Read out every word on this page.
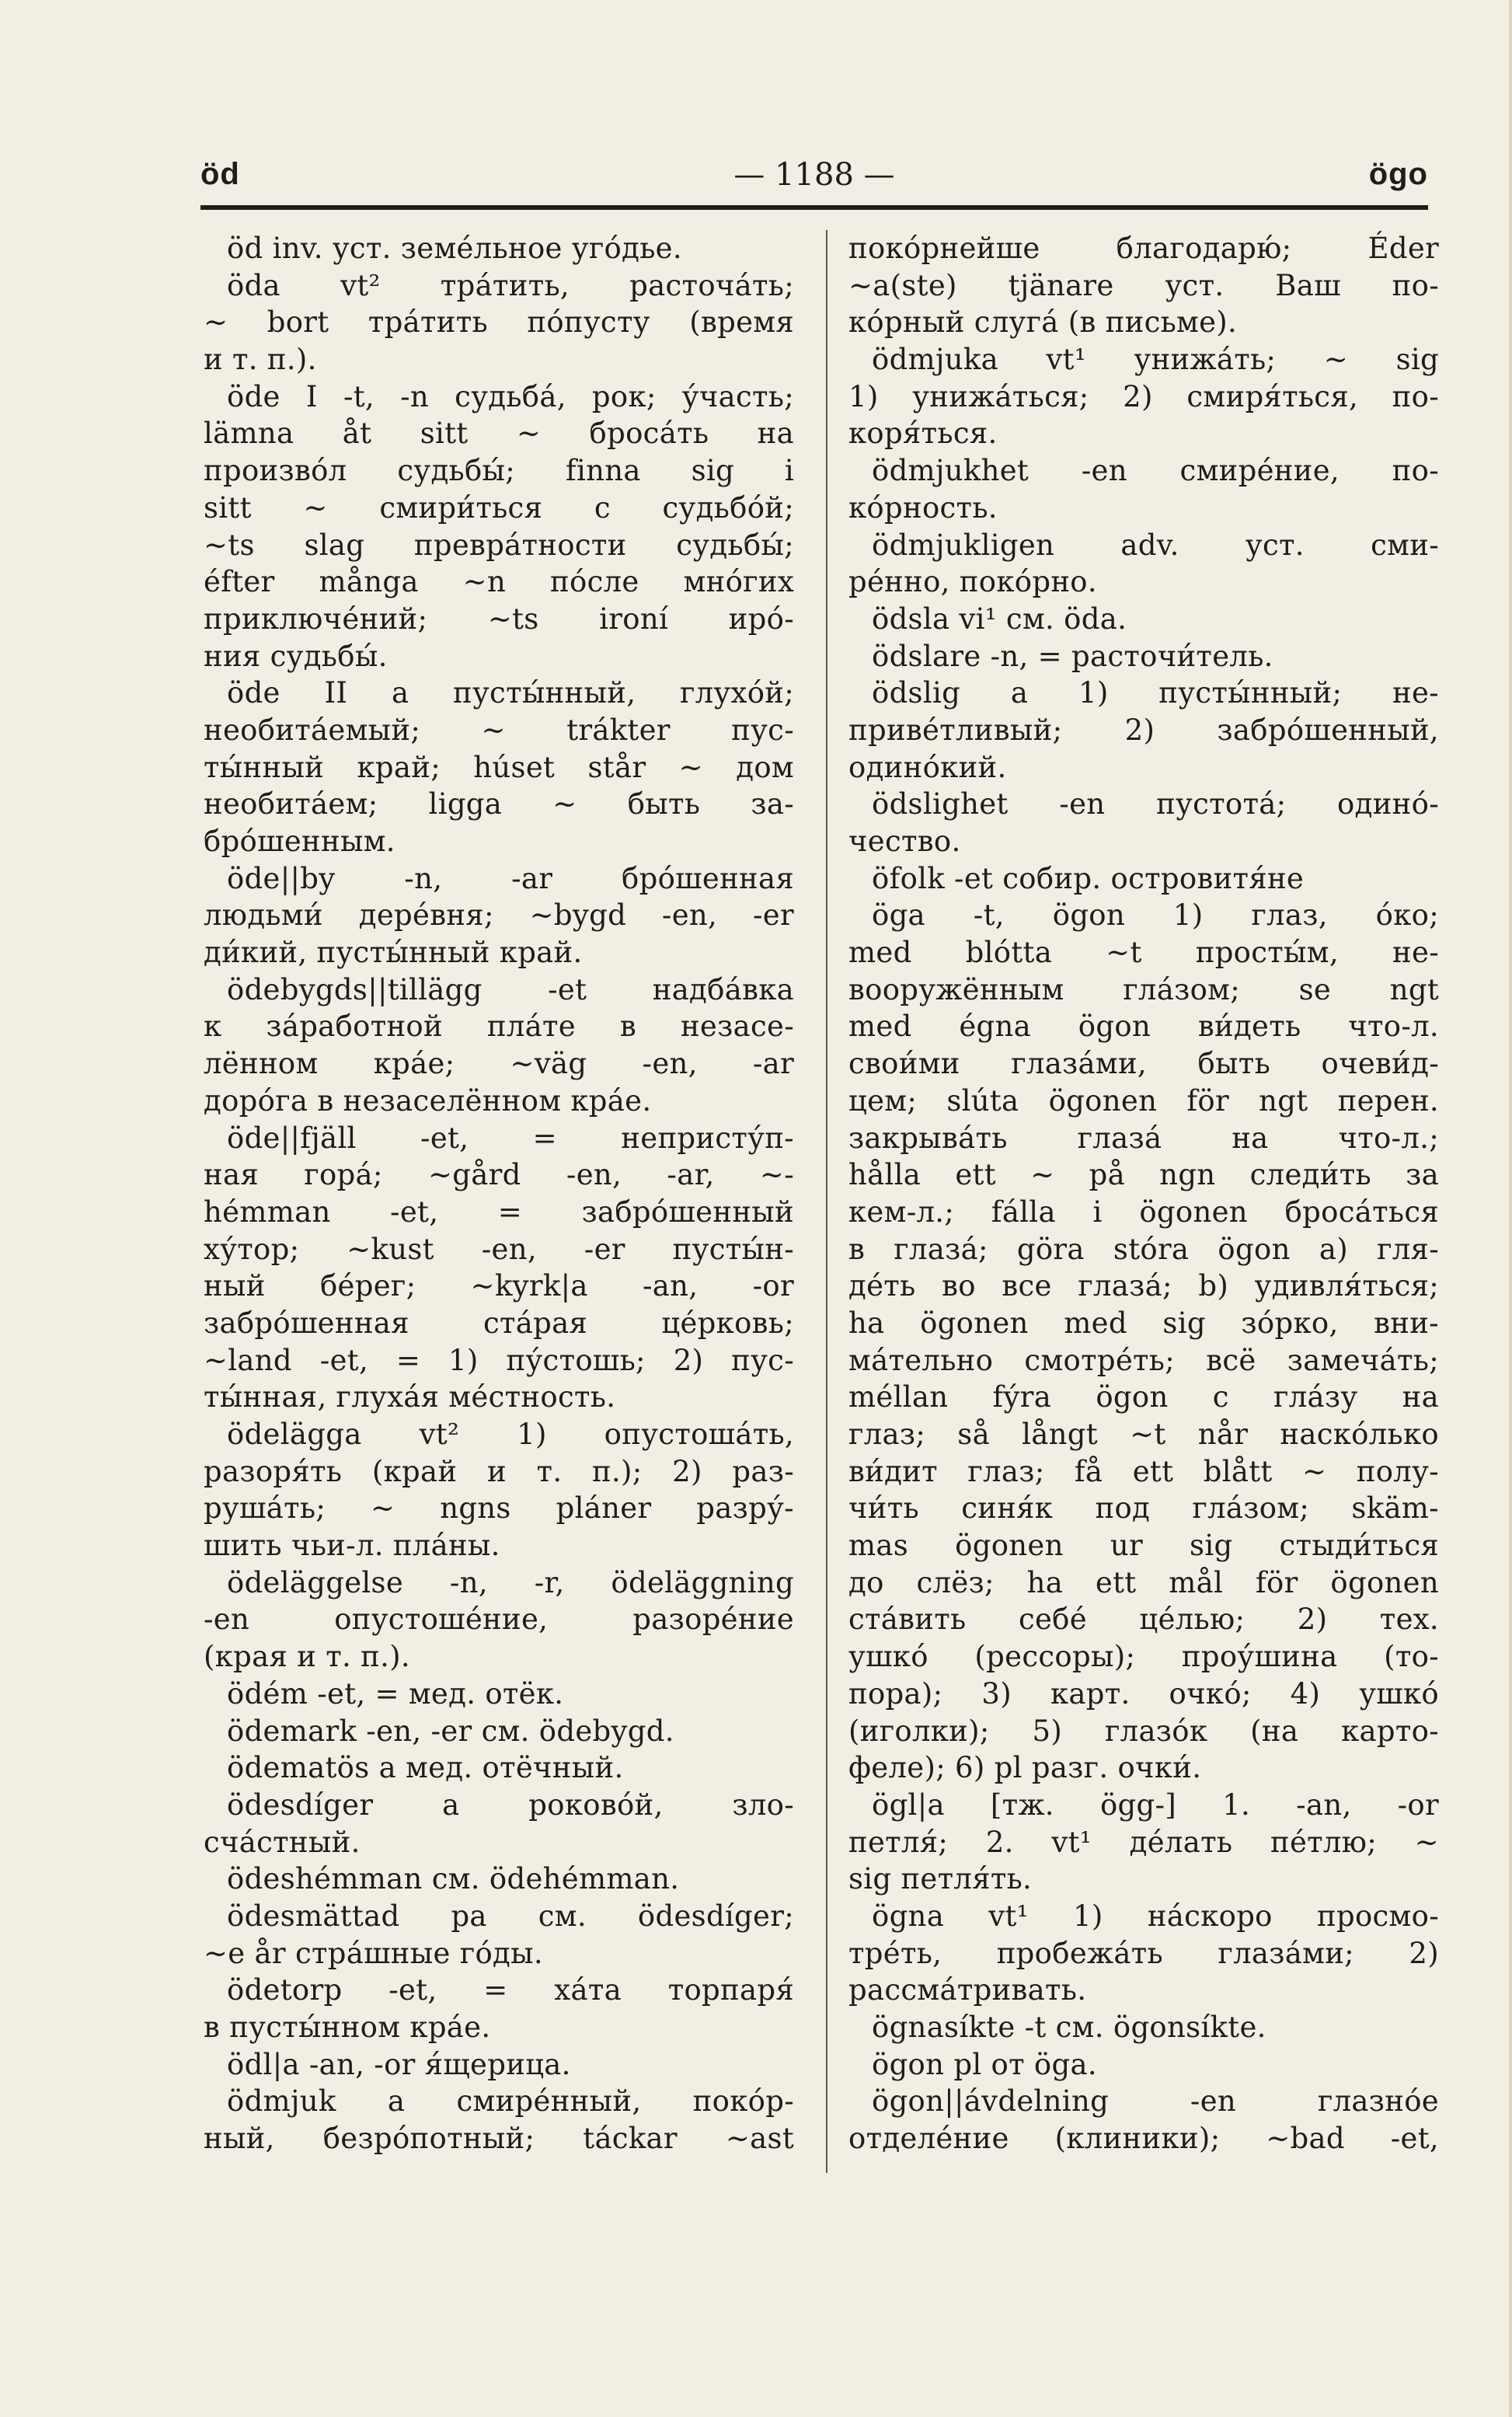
öd	— 1188 —	ögo
öd inv. уст. земе́льное уго́дье.
öda vt² тра́тить, расточа́ть;
~ bort тра́тить по́пусту (время
и т. п.).
öde I -t, -n судьба́, рок; у́часть;
lämna åt sitt ~ броса́ть на
произво́л судьбы́; finna sig i
sitt ~ смири́ться с судьбо́й;
~ts slag превра́тности судьбы́;
éfter många ~n по́сле мно́гих
приключе́ний; ~ts ironí иро́-
ния судьбы́.
öde II a пусты́нный, глухо́й;
необита́емый; ~ trákter пус-
ты́нный край; húset står ~ дом
необита́ем; ligga ~ быть за-
бро́шенным.
öde||by -n, -ar бро́шенная
людьми́ дере́вня; ~bygd -en, -er
ди́кий, пусты́нный край.
ödebygds||tillägg -et надба́вка
к за́работной пла́те в незасе-
лённом кра́е; ~väg -en, -ar
доро́га в незаселённом кра́е.
öde||fjäll -et, = непристу́п-
ная гора́; ~gård -en, -ar, ~-
hémman -et, = забро́шенный
ху́тор; ~kust -en, -er пусты́н-
ный бе́рег; ~kyrk|a -an, -or
забро́шенная ста́рая це́рковь;
~land -et, = 1) пу́стошь; 2) пус-
ты́нная, глуха́я ме́стность.
ödelägga vt² 1) опустоша́ть,
разоря́ть (край и т. п.); 2) раз-
руша́ть; ~ ngns pláner разру́-
шить чьи-л. пла́ны.
ödeläggelse -n, -r, ödeläggning
-en опустоше́ние, разоре́ние
(края и т. п.).
ödém -et, = мед. отёк.
ödemark -en, -er см. ödebygd.
ödematös a мед. отёчный.
ödesdíger a роково́й, зло-
сча́стный.
ödeshémman см. ödehémman.
ödesmättad pa см. ödesdíger;
~e år стра́шные го́ды.
ödetorp -et, = ха́та торпаря́
в пусты́нном кра́е.
ödl|a -an, -or я́щерица.
ödmjuk a смире́нный, поко́р-
ный, безро́потный; táckar ~ast
поко́рнейше благодарю́; Éder
~a(ste) tjänare уст. Ваш по-
ко́рный слуга́ (в письме).
ödmjuka vt¹ унижа́ть; ~ sig
1) унижа́ться; 2) смиря́ться, по-
коря́ться.
ödmjukhet -en смире́ние, по-
ко́рность.
ödmjukligen adv. уст. сми-
ре́нно, поко́рно.
ödsla vi¹ см. öda.
ödslare -n, = расточи́тель.
ödslig a 1) пусты́нный; не-
приве́тливый; 2) забро́шенный,
одино́кий.
ödslighet -en пустота́; одино́-
чество.
öfolk -et собир. островитя́не
öga -t, ögon 1) глаз, о́ко;
med blótta ~t просты́м, не-
вооружённым гла́зом; se ngt
med égna ögon ви́деть что-л.
свои́ми глаза́ми, быть очеви́д-
цем; slúta ögonen för ngt перен.
закрыва́ть глаза́ на что-л.;
hålla ett ~ på ngn следи́ть за
кем-л.; fálla i ögonen броса́ться
в глаза́; göra stóra ögon a) гля-
де́ть во все глаза́; b) удивля́ться;
ha ögonen med sig зо́рко, вни-
ма́тельно смотре́ть; всё замеча́ть;
méllan fýra ögon с гла́зу на
глаз; så långt ~t når наско́лько
ви́дит глаз; få ett blått ~ полу-
чи́ть синя́к под гла́зом; skäm-
mas ögonen ur sig стыди́ться
до слёз; ha ett mål för ögonen
ста́вить себе́ це́лью; 2) тех.
ушко́ (рессоры); проу́шина (то-
пора); 3) карт. очко́; 4) ушко́
(иголки); 5) глазо́к (на карто-
феле); 6) pl разг. очки́.
ögl|a [тж. ögg-] 1. -an, -or
петля́; 2. vt¹ де́лать пе́тлю; ~
sig петля́ть.
ögna vt¹ 1) на́скоро просмо-
тре́ть, пробежа́ть глаза́ми; 2)
рассма́тривать.
ögnasíkte -t см. ögonsíkte.
ögon pl от öga.
ögon||ávdelning -en глазно́е
отделе́ние (клиники); ~bad -et,
